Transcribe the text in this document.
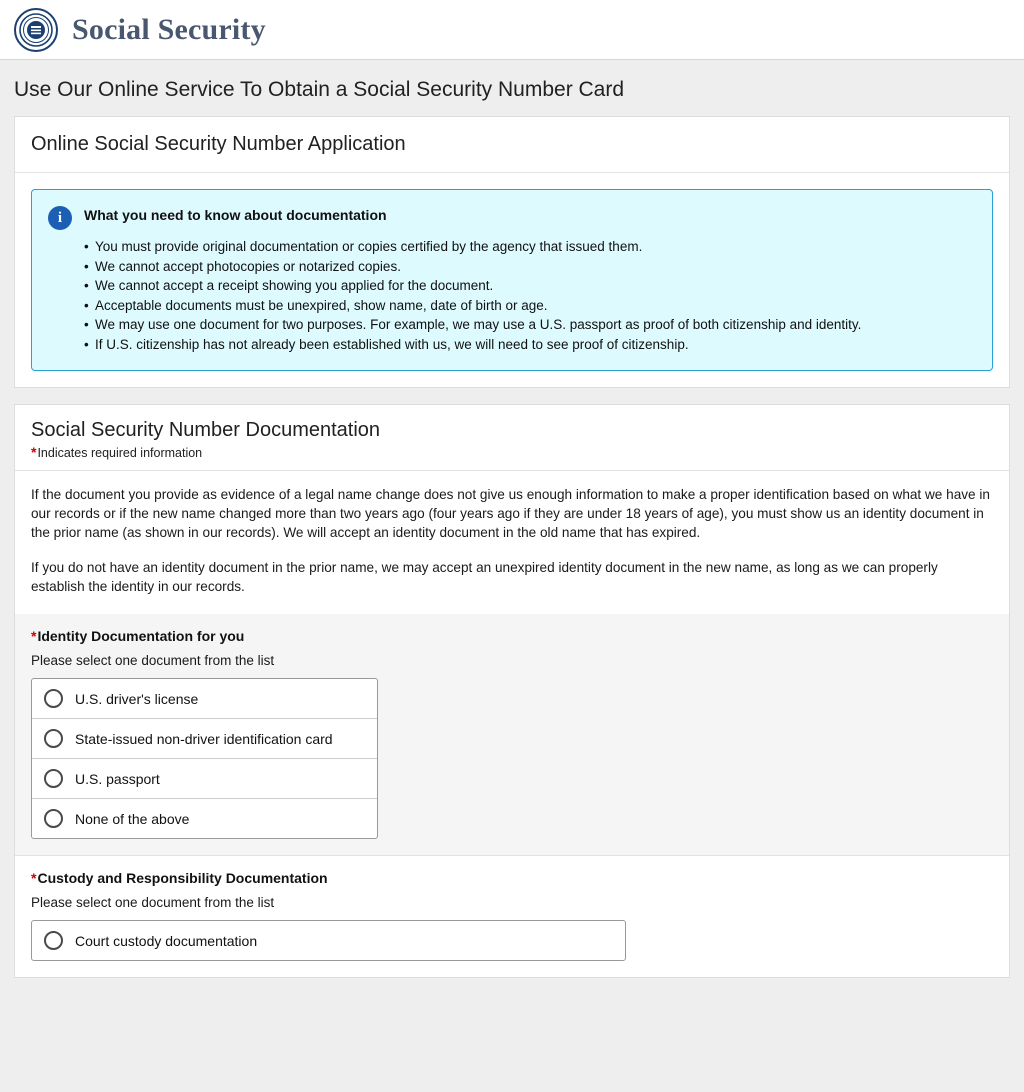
Social Security
Use Our Online Service To Obtain a Social Security Number Card
Online Social Security Number Application
i	What you need to know about documentation

• You must provide original documentation or copies certified by the agency that issued them.
• We cannot accept photocopies or notarized copies.
• We cannot accept a receipt showing you applied for the document.
• Acceptable documents must be unexpired, show name, date of birth or age.
• We may use one document for two purposes. For example, we may use a U.S. passport as proof of both citizenship and identity.
• If U.S. citizenship has not already been established with us, we will need to see proof of citizenship.
Social Security Number Documentation
*Indicates required information

If the document you provide as evidence of a legal name change does not give us enough information to make a proper identification based on what we have in our records or if the new name changed more than two years ago (four years ago if they are under 18 years of age), you must show us an identity document in the prior name (as shown in our records). We will accept an identity document in the old name that has expired.

If you do not have an identity document in the prior name, we may accept an unexpired identity document in the new name, as long as we can properly establish the identity in our records.

*Identity Documentation for you
Please select one document from the list
U.S. driver's license
State-issued non-driver identification card
U.S. passport
None of the above
*Custody and Responsibility Documentation
Please select one document from the list
Court custody documentation
